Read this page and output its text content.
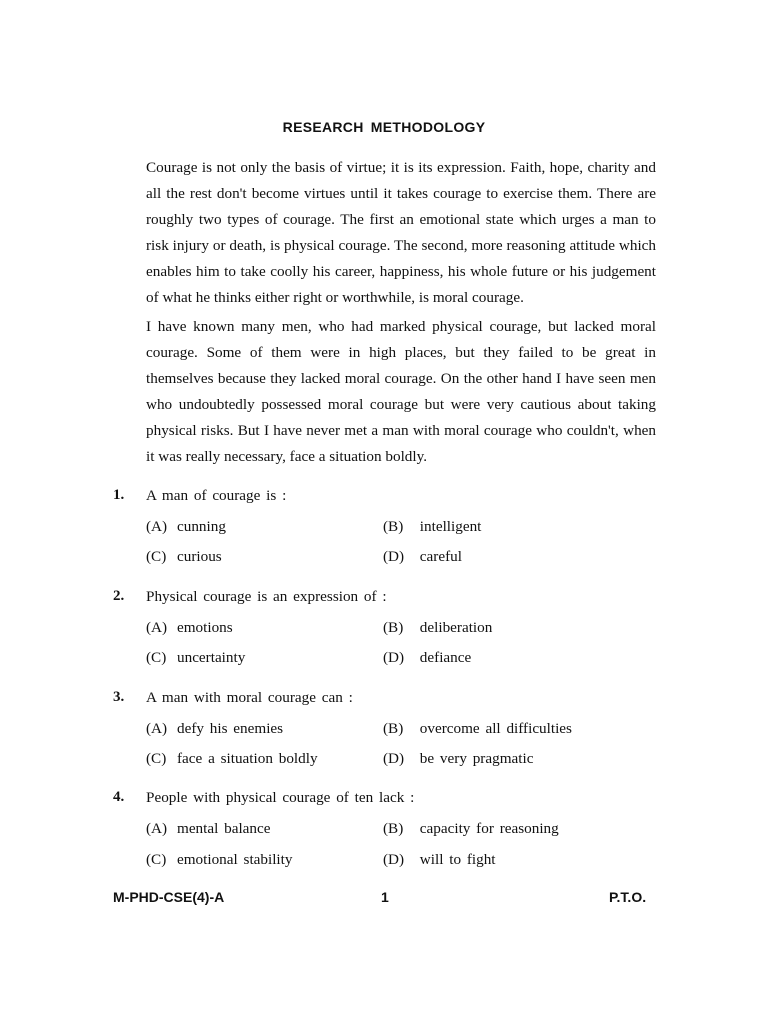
RESEARCH METHODOLOGY

Courage is not only the basis of virtue; it is its expression. Faith, hope, charity and all the rest don't become virtues until it takes courage to exercise them. There are roughly two types of courage. The first an emotional state which urges a man to risk injury or death, is physical courage. The second, more reasoning attitude which enables him to take coolly his career, happiness, his whole future or his judgement of what he thinks either right or worthwhile, is moral courage.

I have known many men, who had marked physical courage, but lacked moral courage. Some of them were in high places, but they failed to be great in themselves because they lacked moral courage. On the other hand I have seen men who undoubtedly possessed moral courage but were very cautious about taking physical risks. But I have never met a man with moral courage who couldn't, when it was really necessary, face a situation boldly.

1. A man of courage is :
(A) cunning	(B) intelligent
(C) curious	(D) careful
2. Physical courage is an expression of :
(A) emotions	(B) deliberation
(C) uncertainty	(D) defiance
3. A man with moral courage can :
(A) defy his enemies	(B) overcome all difficulties
(C) face a situation boldly	(D) be very pragmatic
4. People with physical courage of ten lack :
(A) mental balance	(B) capacity for reasoning
(C) emotional stability	(D) will to fight
M-PHD-CSE(4)-A	1	P.T.O.
